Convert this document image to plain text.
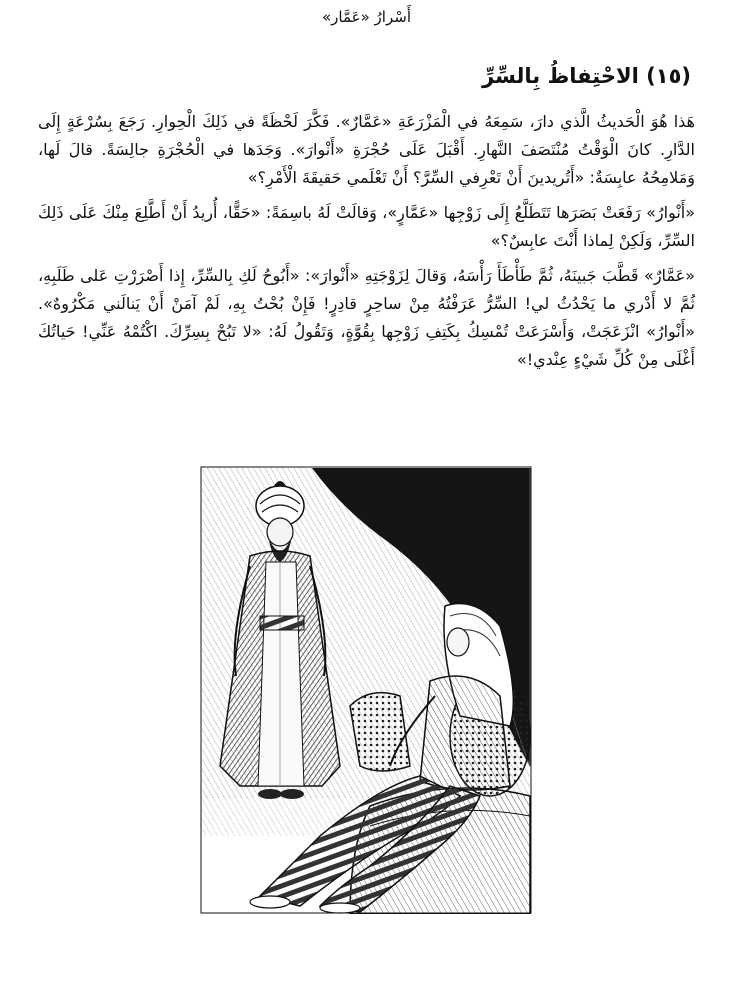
أَسْرارُ «عَمَّار»
(١٥) الاحْتِفاظُ بِالسِّرِّ

هَذا هُوَ الْحَديثُ الَّذي دارَ، سَمِعَهُ في الْمَزْرَعَةِ «عَمَّارٌ». فَكَّرَ لَحْظَةً في ذَلِكَ الْحِوارِ. رَجَعَ بِسُرْعَةٍ إِلَى الدَّارِ. كانَ الْوَقْتُ مُنْتَصَفَ النَّهارِ. أَقْبَلَ عَلَى حُجْرَةِ «أَنْوارَ». وَجَدَها في الْحُجْرَةِ جالِسَةً. قالَ لَها، وَمَلامِحُهُ عابِسَةٌ: «أَتُريدينَ أَنْ تَعْرِفي السِّرَّ؟ أَنْ تَعْلَمي حَقيقَةَ الْأَمْرِ؟»

«أَنْوارُ» رَفَعَتْ بَصَرَها تَتَطَلَّعُ إِلَى زَوْجِها «عَمَّارٍ»، وَقالَتْ لَهُ باسِمَةً: «حَقًّا، أُريدُ أَنْ أَطَّلِعَ مِنْكَ عَلَى ذَلِكَ السِّرِّ، وَلَكِنْ لِماذا أَنْتَ عابِسٌ؟»

«عَمَّارٌ» قَطَّبَ جَبينَهُ، ثُمَّ طَأْطَأَ رَأْسَهُ، وَقالَ لِزَوْجَتِهِ «أَنْوارَ»: «أَبُوحُ لَكِ بِالسِّرِّ، إِذا أَصْرَرْتِ عَلى طَلَبِهِ، ثُمَّ لا أَدْري ما يَحْدُثُ لي! السِّرُّ عَرَفْتُهُ مِنْ ساحِرٍ قادِرٍ! فَإِنْ بُحْتُ بِهِ، لَمْ آمَنْ أَنْ يَنالَني مَكْرُوهٌ». «أَنْوارُ» انْزَعَجَتْ، وَأَسْرَعَتْ تُمْسِكُ بِكَتِفِ زَوْجِها بِقُوَّةٍ، وَتَقُولُ لَهُ: «لا تَبُحْ بِسِرِّكَ. اكْتُمْهُ عَنِّي! حَياتُكَ أَغْلَى مِنْ كُلِّ شَيْءٍ عِنْدي!»
